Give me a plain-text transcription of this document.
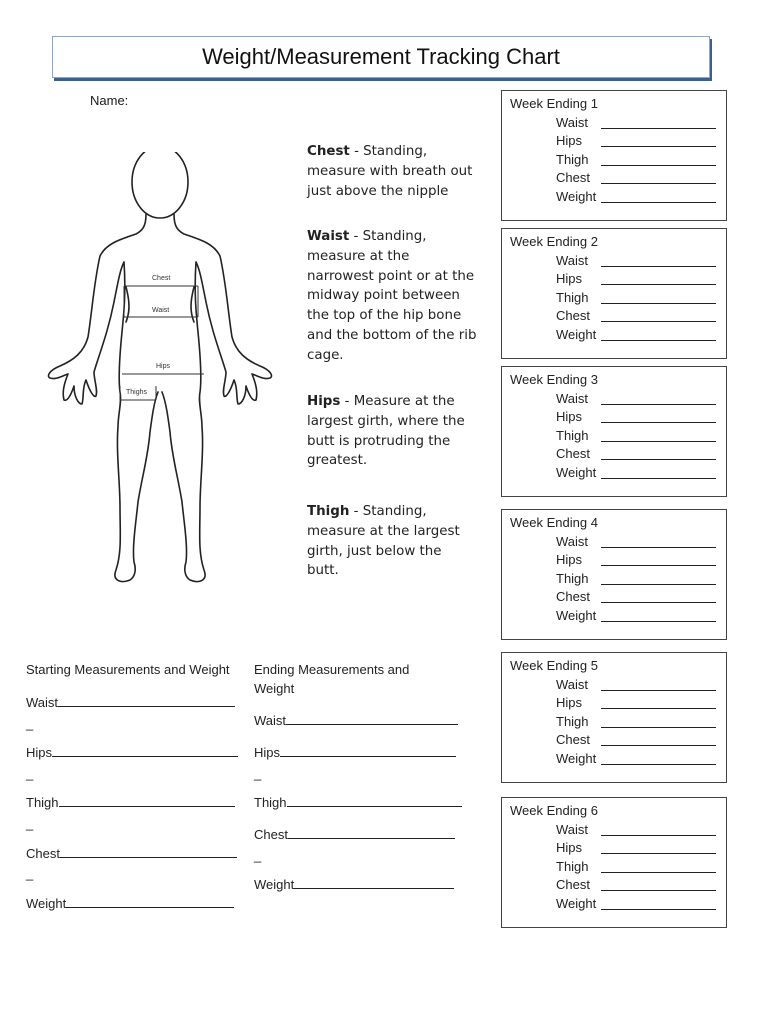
Weight/Measurement Tracking Chart
Name:
Chest
Waist
Hips
Thighs
Chest - Standing, measure with breath out just above the nipple
Waist - Standing, measure at the narrowest point or at the midway point between the top of the hip bone and the bottom of the rib cage.
Hips - Measure at the largest girth, where the butt is protruding the greatest.
Thigh - Standing, measure at the largest girth, just below the butt.
Week Ending 1
Waist
Hips
Thigh
Chest
Weight
Week Ending 2
Waist
Hips
Thigh
Chest
Weight
Week Ending 3
Waist
Hips
Thigh
Chest
Weight
Week Ending 4
Waist
Hips
Thigh
Chest
Weight
Week Ending 5
Waist
Hips
Thigh
Chest
Weight
Week Ending 6
Waist
Hips
Thigh
Chest
Weight
Starting Measurements and Weight
Waist
_
Hips
_
Thigh
_
Chest
_
Weight
Ending Measurements and Weight
Waist
Hips
_
Thigh
Chest
_
Weight
